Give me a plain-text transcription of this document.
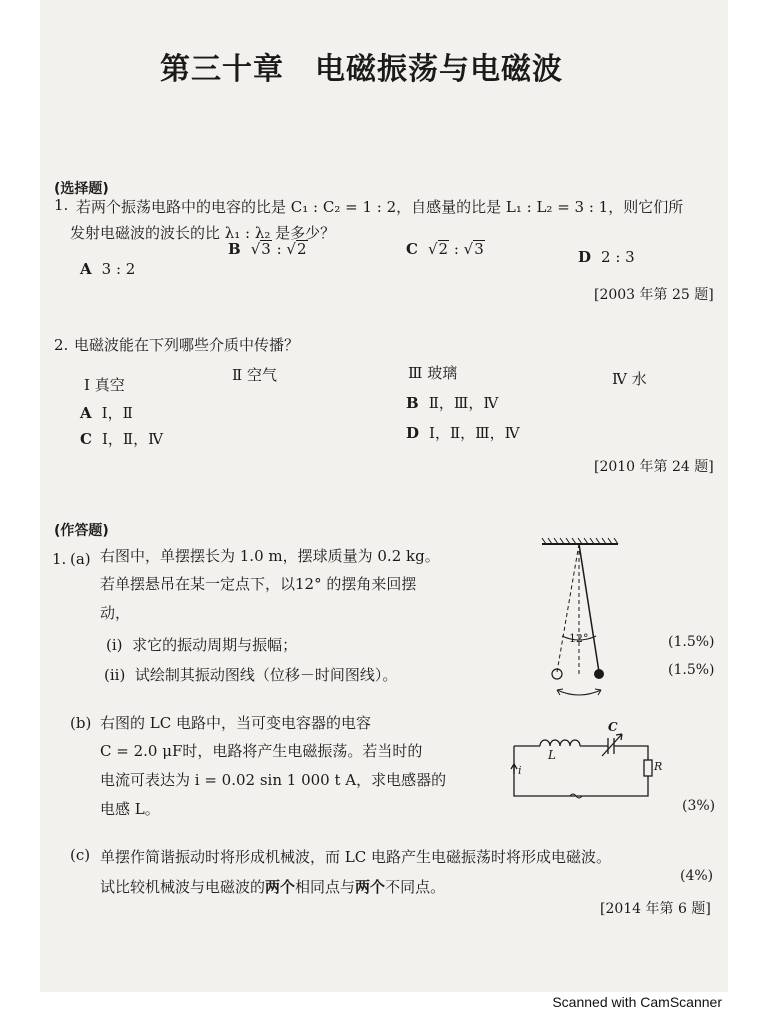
第三十章　电磁振荡与电磁波
(选择题)
1. 若两个振荡电路中的电容的比是 C₁ : C₂ = 1 : 2，自感量的比是 L₁ : L₂ = 3 : 1，则它们所
发射电磁波的波长的比 λ₁ : λ₂ 是多少？
A 3 : 2
B √3 : √2	C √2 : √3	D 2 : 3
[2003 年第 25 题]
2. 电磁波能在下列哪些介质中传播？
Ⅰ 真空
Ⅱ 空气	Ⅲ 玻璃	Ⅳ 水
A Ⅰ，Ⅱ
B Ⅱ，Ⅲ，Ⅳ
C Ⅰ，Ⅱ，Ⅳ	D Ⅰ，Ⅱ，Ⅲ，Ⅳ
[2010 年第 24 题]
(作答题)
1. (a) 右图中，单摆摆长为 1.0 m，摆球质量为 0.2 kg。
若单摆悬吊在某一定点下，以12° 的摆角来回摆
动，
(i) 求它的振动周期与振幅；	(1.5%)
(ii) 试绘制其振动图线（位移－时间图线）。	(1.5%)
12°
(b) 右图的 LC 电路中，当可变电容器的电容
C = 2.0 μF时，电路将产生电磁振荡。若当时的
电流可表达为 i = 0.02 sin 1 000 t A，求电感器的
电感 L。	(3%)
L
C
R
i
(c) 单摆作简谐振动时将形成机械波，而 LC 电路产生电磁振荡时将形成电磁波。
试比较机械波与电磁波的两个相同点与两个不同点。
(4%)
[2014 年第 6 题]
Scanned with CamScanner
